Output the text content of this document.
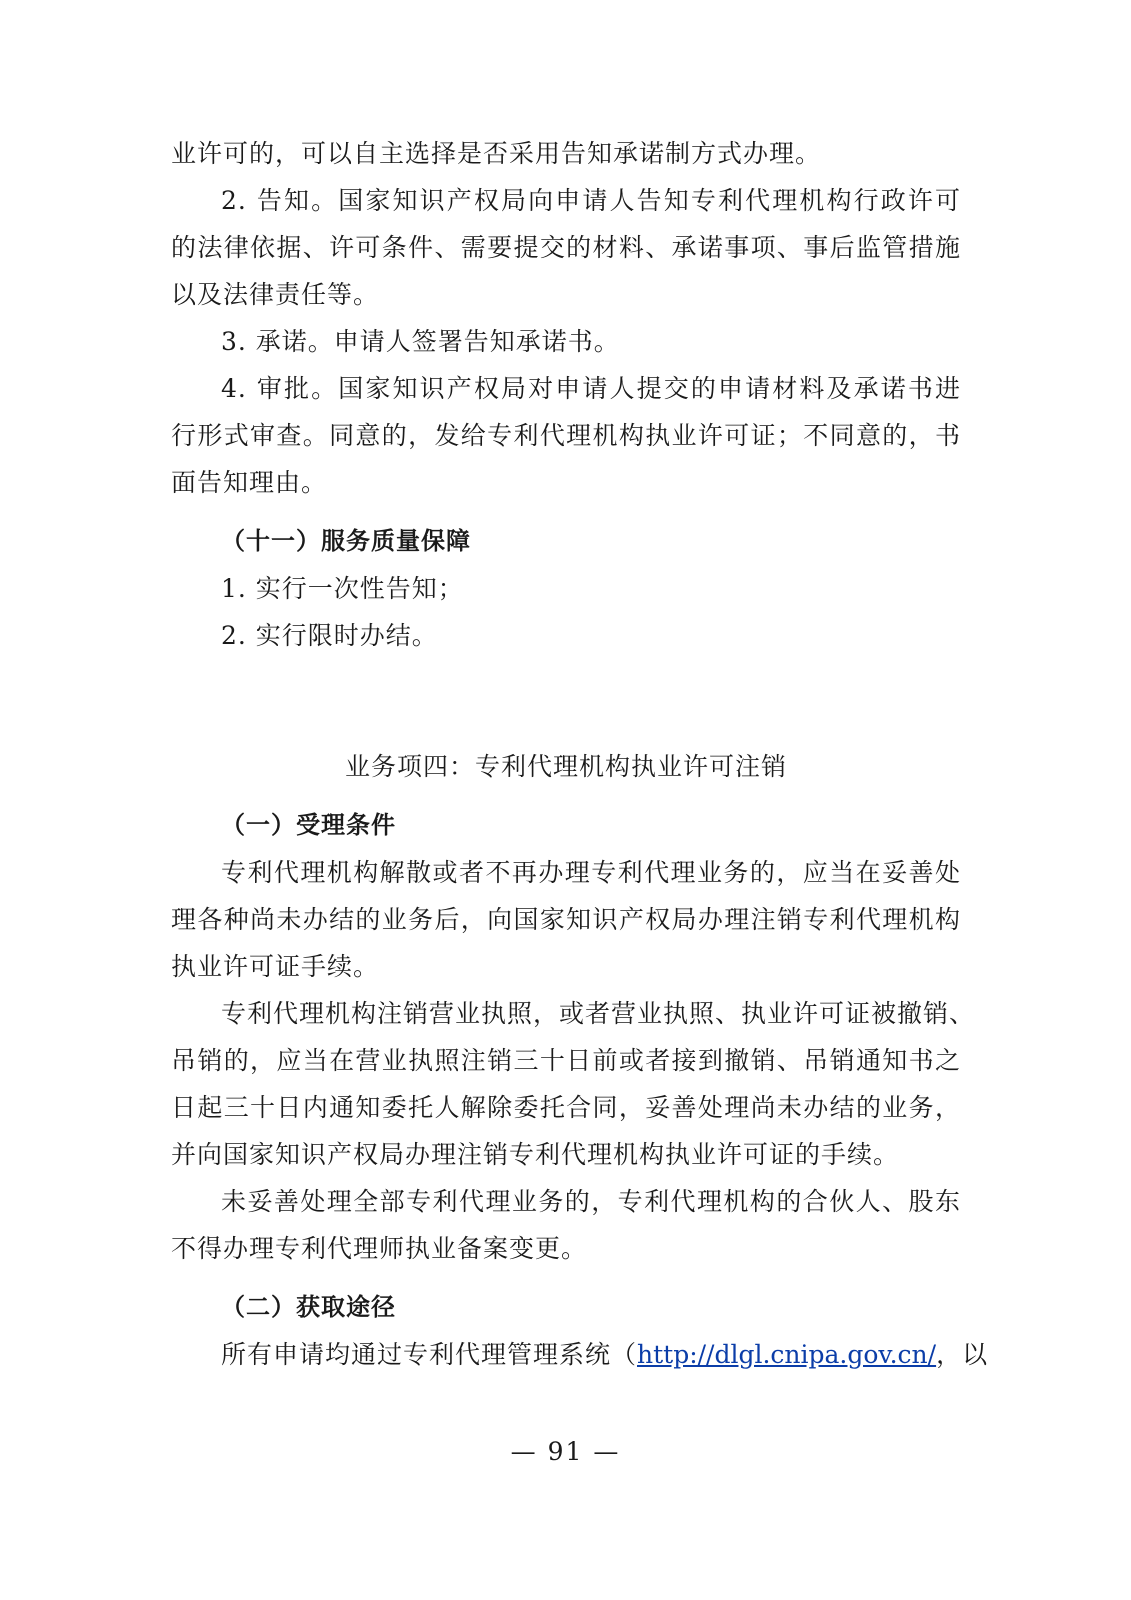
业许可的，可以自主选择是否采用告知承诺制方式办理。
2. 告知。国家知识产权局向申请人告知专利代理机构行政许可
的法律依据、许可条件、需要提交的材料、承诺事项、事后监管措施
以及法律责任等。
3. 承诺。申请人签署告知承诺书。
4. 审批。国家知识产权局对申请人提交的申请材料及承诺书进
行形式审查。同意的，发给专利代理机构执业许可证；不同意的，书
面告知理由。
（十一）服务质量保障
1. 实行一次性告知；
2. 实行限时办结。
业务项四：专利代理机构执业许可注销
（一）受理条件
专利代理机构解散或者不再办理专利代理业务的，应当在妥善处
理各种尚未办结的业务后，向国家知识产权局办理注销专利代理机构
执业许可证手续。
专利代理机构注销营业执照，或者营业执照、执业许可证被撤销、
吊销的，应当在营业执照注销三十日前或者接到撤销、吊销通知书之
日起三十日内通知委托人解除委托合同，妥善处理尚未办结的业务，
并向国家知识产权局办理注销专利代理机构执业许可证的手续。
未妥善处理全部专利代理业务的，专利代理机构的合伙人、股东
不得办理专利代理师执业备案变更。
（二）获取途径
所有申请均通过专利代理管理系统（http://dlgl.cnipa.gov.cn/，以
— 91 —
